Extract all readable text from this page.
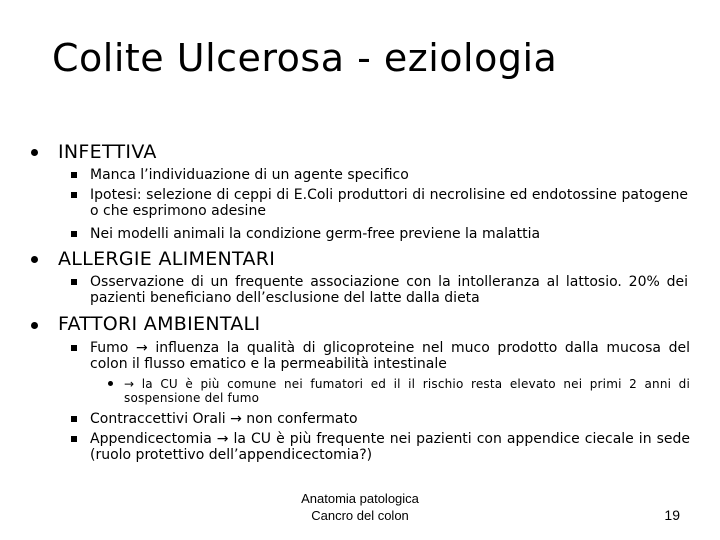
Colite Ulcerosa - eziologia
INFETTIVA
Manca l’individuazione di un agente specifico
Ipotesi: selezione di ceppi di E.Coli produttori di necrolisine ed endotossine patogene o che esprimono adesine
Nei modelli animali la condizione germ-free previene la malattia
ALLERGIE ALIMENTARI
Osservazione di un frequente associazione con la intolleranza al lattosio. 20% dei pazienti beneficiano dell’esclusione del latte dalla dieta
FATTORI AMBIENTALI
Fumo → influenza la qualità di glicoproteine nel muco prodotto dalla mucosa del colon il flusso ematico e la permeabilità intestinale
→ la CU è più comune nei fumatori ed il il rischio resta elevato nei primi 2 anni di sospensione del fumo
Contraccettivi Orali → non confermato
Appendicectomia → la CU è più frequente nei pazienti con appendice ciecale in sede (ruolo protettivo dell’appendicectomia?)
Anatomia patologica
Cancro del colon	19
